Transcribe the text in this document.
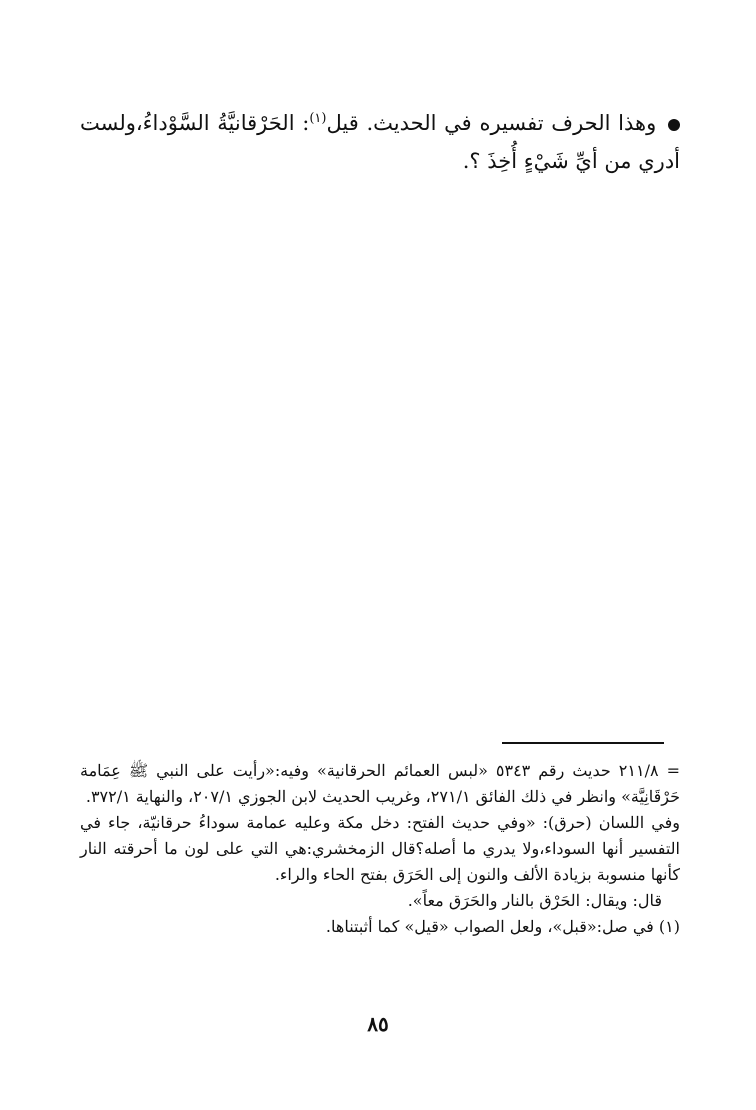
وهذا الحرف تفسيره في الحديث. قيل$^{(١)}$: الحَرْقانيَّةُ السَّوْداءُ،ولست أدري من أيِّ شَيْءٍ أُخِذَ ؟.

= ٢١١/٨ حديث رقم ٥٣٤٣ «لبس العمائم الحرقانية» وفيه:«رأيت على النبي ﷺ عِمَامة حَرْقَانِيَّة» وانظر في ذلك الفائق ٢٧١/١، وغريب الحديث لابن الجوزي ٢٠٧/١، والنهاية ٣٧٢/١.

وفي اللسان (حرق): «وفي حديث الفتح: دخل مكة وعليه عمامة سوداءُ حرقانيّة، جاء في التفسير أنها السوداء،ولا يدري ما أصله؟قال الزمخشري:هي التي على لون ما أحرقته النار كأنها منسوبة بزيادة الألف والنون إلى الحَرَق بفتح الحاء والراء.

قال: ويقال: الحَرْق بالنار والحَرَق معاً».

(١) في صل:«قبل»، ولعل الصواب «قيل» كما أثبتناها.

٨٥
